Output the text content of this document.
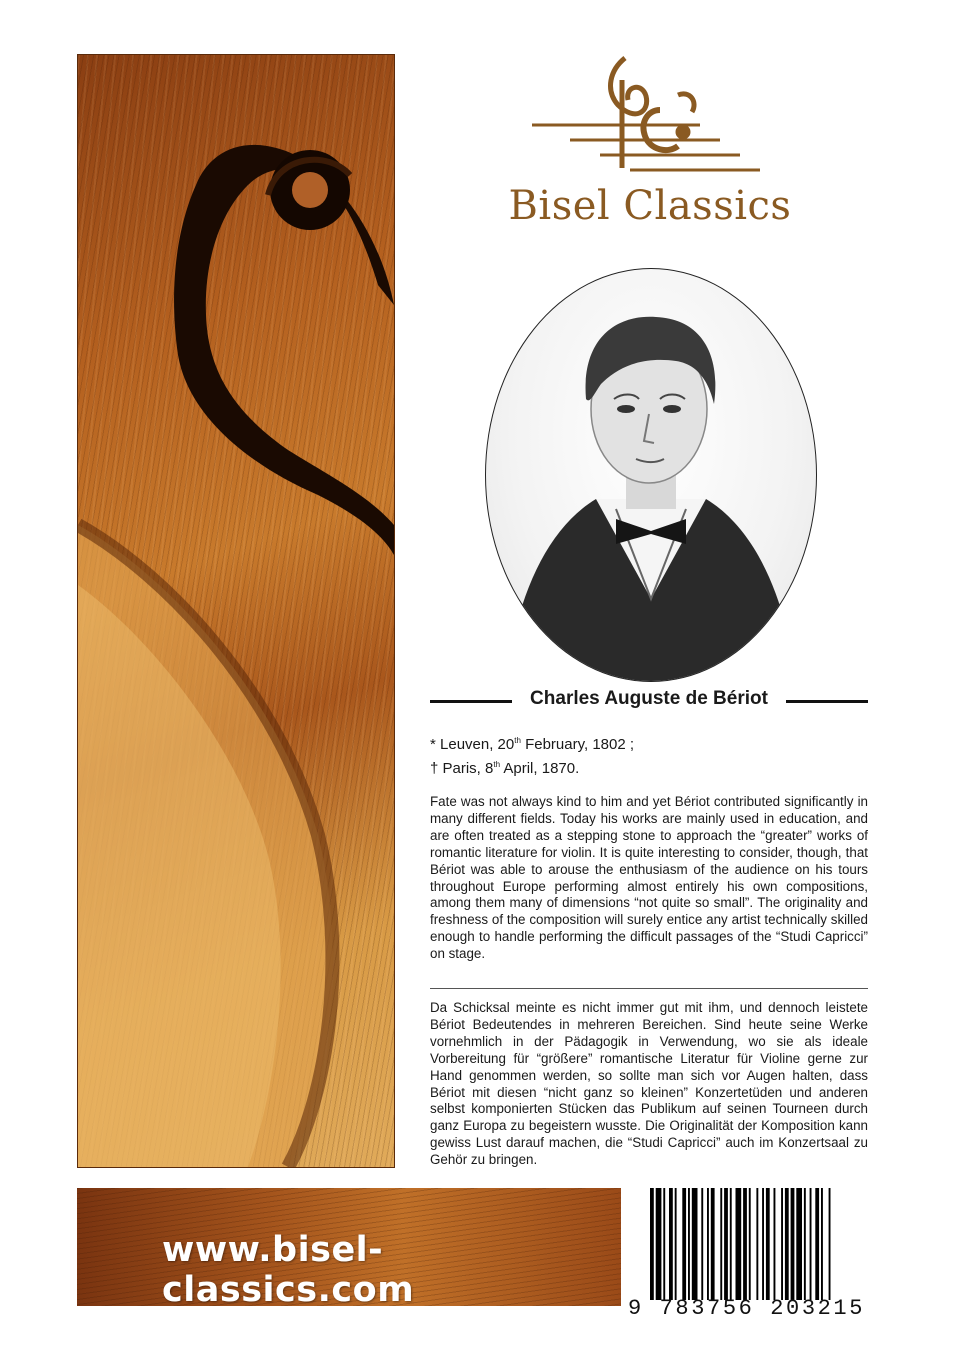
Bisel Classics
Charles Auguste de Bériot
* Leuven, 20th February, 1802 ;
† Paris, 8th April, 1870.

Fate was not always kind to him and yet Bériot contributed significantly in many different fields. Today his works are mainly used in education, and are often treated as a stepping stone to approach the “greater” works of romantic literature for violin. It is quite interesting to consider, though, that Bériot was able to arouse the enthusiasm of the audience on his tours throughout Europe performing almost entirely his own compositions, among them many of dimensions “not quite so small”. The originality and freshness of the composition will surely entice any artist technically skilled enough to handle performing the difficult passages of the “Studi Capricci” on stage.

Da Schicksal meinte es nicht immer gut mit ihm, und dennoch leistete Bériot Bedeutendes in mehreren Bereichen. Sind heute seine Werke vornehmlich in der Pädagogik in Verwendung, wo sie als ideale Vorbereitung für “größere” romantische Literatur für Violine gerne zur Hand genommen werden, so sollte man sich vor Augen halten, dass Bériot mit diesen “nicht ganz so kleinen” Konzertetüden und anderen selbst komponierten Stücken das Publikum auf seinen Tourneen durch ganz Europa zu begeistern wusste. Die Originalität der Komposition kann gewiss Lust darauf machen, die “Studi Capricci” auch im Konzertsaal zu Gehör zu bringen.

www.bisel-classics.com	9 783756 203215
